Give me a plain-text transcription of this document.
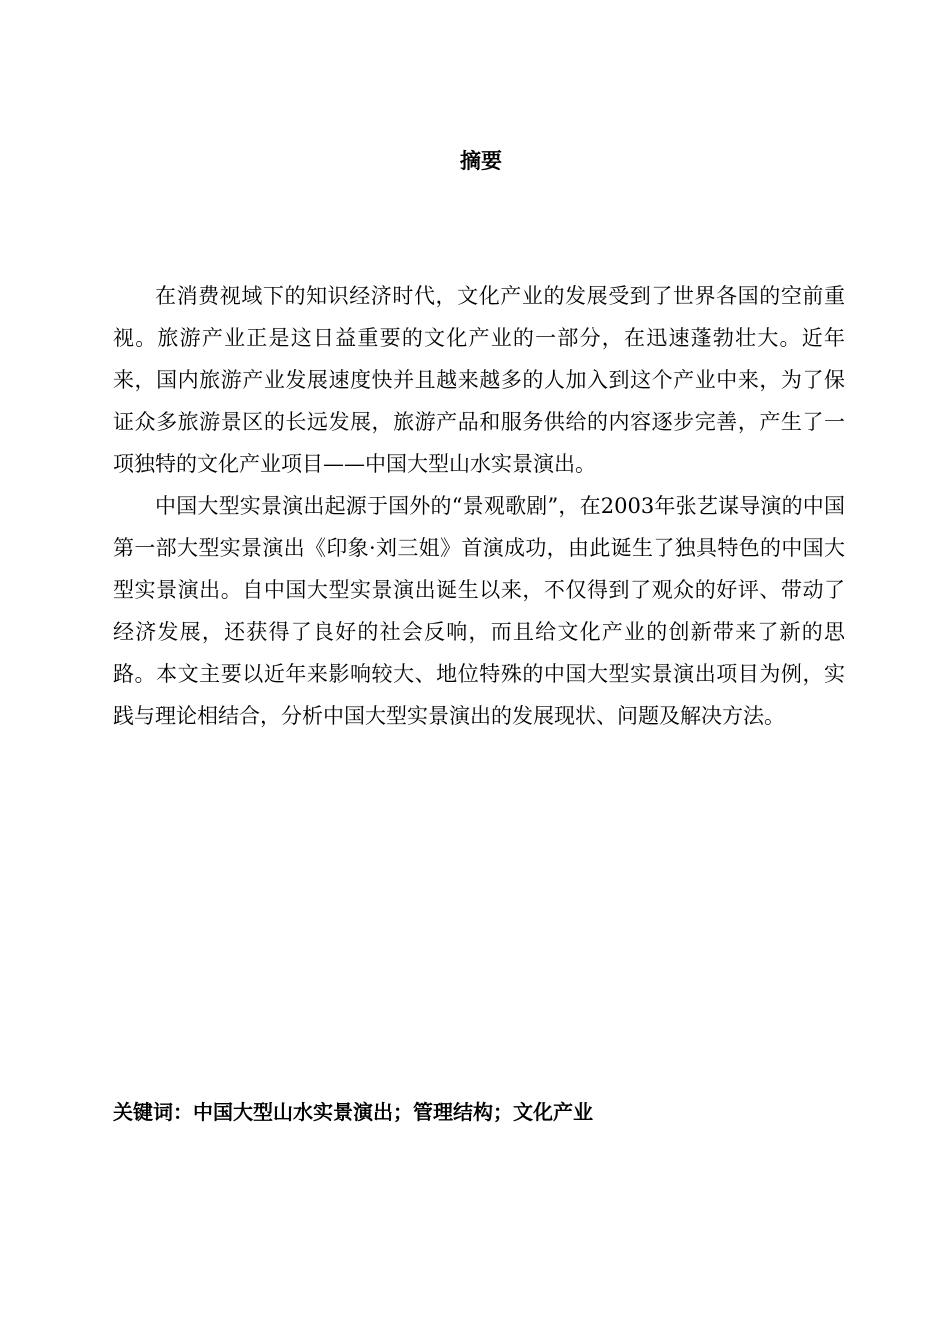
摘要

在消费视域下的知识经济时代，文化产业的发展受到了世界各国的空前重视。旅游产业正是这日益重要的文化产业的一部分，在迅速蓬勃壮大。近年来，国内旅游产业发展速度快并且越来越多的人加入到这个产业中来，为了保证众多旅游景区的长远发展，旅游产品和服务供给的内容逐步完善，产生了一项独特的文化产业项目——中国大型山水实景演出。

中国大型实景演出起源于国外的“景观歌剧”，在2003年张艺谋导演的中国第一部大型实景演出《印象·刘三姐》首演成功，由此诞生了独具特色的中国大型实景演出。自中国大型实景演出诞生以来，不仅得到了观众的好评、带动了经济发展，还获得了良好的社会反响，而且给文化产业的创新带来了新的思路。本文主要以近年来影响较大、地位特殊的中国大型实景演出项目为例，实践与理论相结合，分析中国大型实景演出的发展现状、问题及解决方法。

关键词：中国大型山水实景演出；管理结构；文化产业
